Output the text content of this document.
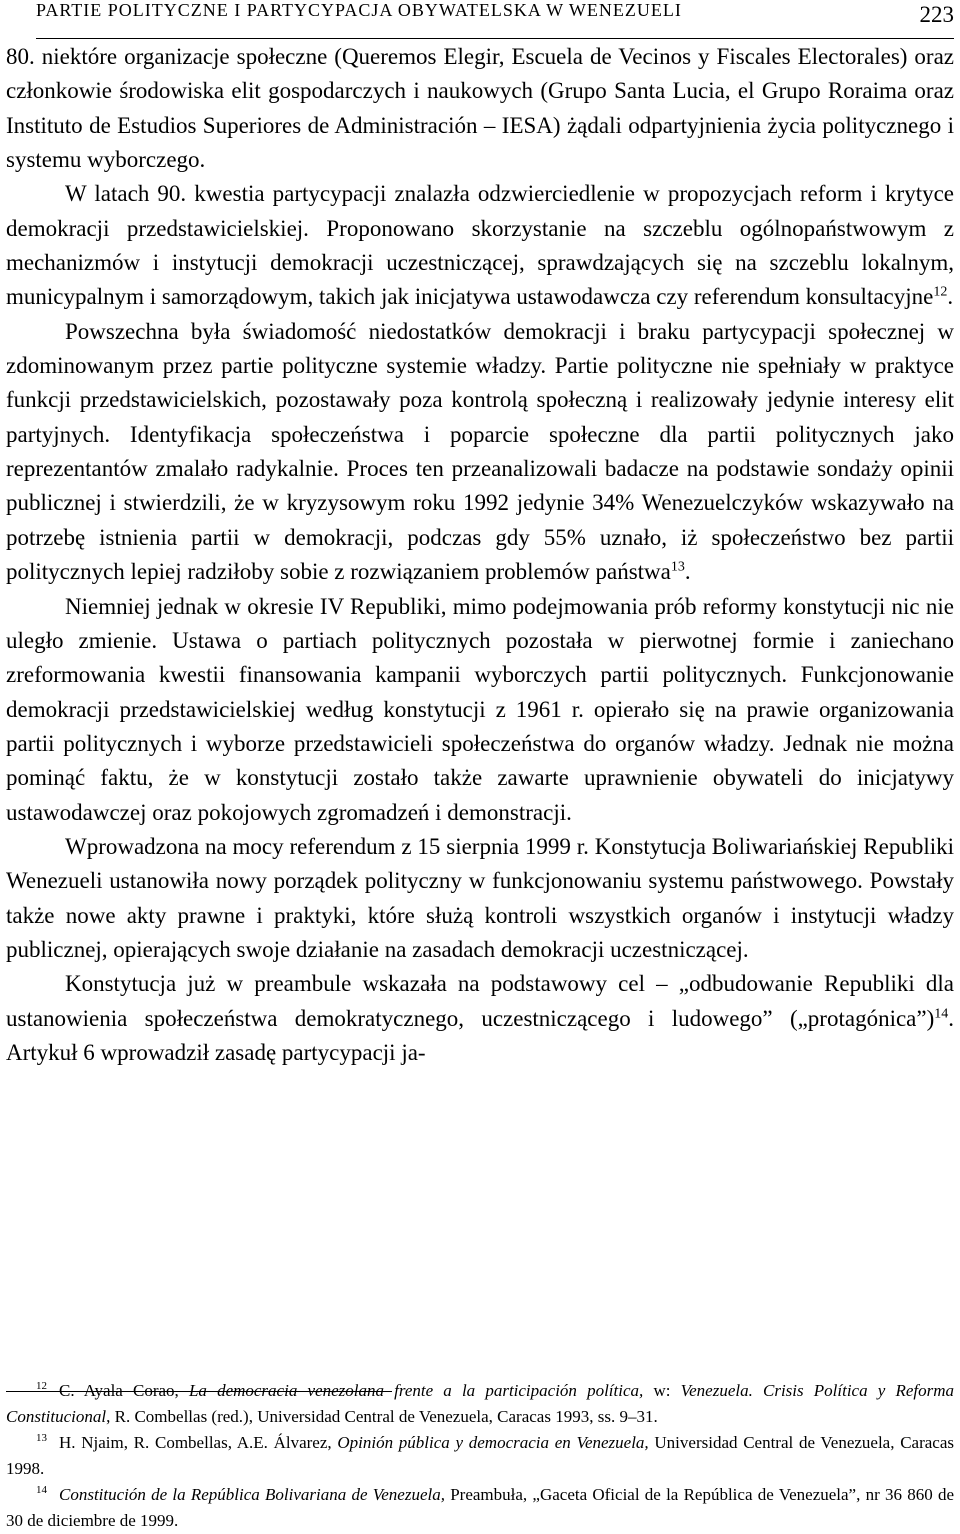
PARTIE POLITYCZNE I PARTYCYPACJA OBYWATELSKA W WENEZUELI	223

80. niektóre organizacje społeczne (Queremos Elegir, Escuela de Vecinos y Fiscales Electorales) oraz członkowie środowiska elit gospodarczych i naukowych (Grupo Santa Lucia, el Grupo Roraima oraz Instituto de Estudios Superiores de Administración – IESA) żądali odpartyjnienia życia politycznego i systemu wyborczego.

W latach 90. kwestia partycypacji znalazła odzwierciedlenie w propozycjach reform i krytyce demokracji przedstawicielskiej. Proponowano skorzystanie na szczeblu ogólnopaństwowym z mechanizmów i instytucji demokracji uczestniczącej, sprawdzających się na szczeblu lokalnym, municypalnym i samorządowym, takich jak inicjatywa ustawodawcza czy referendum konsultacyjne$^{12}$.

Powszechna była świadomość niedostatków demokracji i braku partycypacji społecznej w zdominowanym przez partie polityczne systemie władzy. Partie polityczne nie spełniały w praktyce funkcji przedstawicielskich, pozostawały poza kontrolą społeczną i realizowały jedynie interesy elit partyjnych. Identyfikacja społeczeństwa i poparcie społeczne dla partii politycznych jako reprezentantów zmalało radykalnie. Proces ten przeanalizowali badacze na podstawie sondaży opinii publicznej i stwierdzili, że w kryzysowym roku 1992 jedynie 34% Wenezuelczyków wskazywało na potrzebę istnienia partii w demokracji, podczas gdy 55% uznało, iż społeczeństwo bez partii politycznych lepiej radziłoby sobie z rozwiązaniem problemów państwa$^{13}$.

Niemniej jednak w okresie IV Republiki, mimo podejmowania prób reformy konstytucji nic nie uległo zmienie. Ustawa o partiach politycznych pozostała w pierwotnej formie i zaniechano zreformowania kwestii finansowania kampanii wyborczych partii politycznych. Funkcjonowanie demokracji przedstawicielskiej według konstytucji z 1961 r. opierało się na prawie organizowania partii politycznych i wyborze przedstawicieli społeczeństwa do organów władzy. Jednak nie można pominąć faktu, że w konstytucji zostało także zawarte uprawnienie obywateli do inicjatywy ustawodawczej oraz pokojowych zgromadzeń i demonstracji.

Wprowadzona na mocy referendum z 15 sierpnia 1999 r. Konstytucja Boliwariańskiej Republiki Wenezueli ustanowiła nowy porządek polityczny w funkcjonowaniu systemu państwowego. Powstały także nowe akty prawne i praktyki, które służą kontroli wszystkich organów i instytucji władzy publicznej, opierających swoje działanie na zasadach demokracji uczestniczącej.

Konstytucja już w preambule wskazała na podstawowy cel – „odbudowanie Republiki dla ustanowienia społeczeństwa demokratycznego, uczestniczącego i ludowego” („protagónica”)$^{14}$. Artykuł 6 wprowadził zasadę partycypacji ja-

$^{12}$ C. Ayala Corao, La democracia venezolana frente a la participación política, w: Venezuela. Crisis Política y Reforma Constitucional, R. Combellas (red.), Universidad Central de Venezuela, Caracas 1993, ss. 9–31.

$^{13}$ H. Njaim, R. Combellas, A.E. Álvarez, Opinión pública y democracia en Venezuela, Universidad Central de Venezuela, Caracas 1998.

$^{14}$ Constitución de la República Bolivariana de Venezuela, Preambuła, „Gaceta Oficial de la República de Venezuela”, nr 36 860 de 30 de diciembre de 1999.
